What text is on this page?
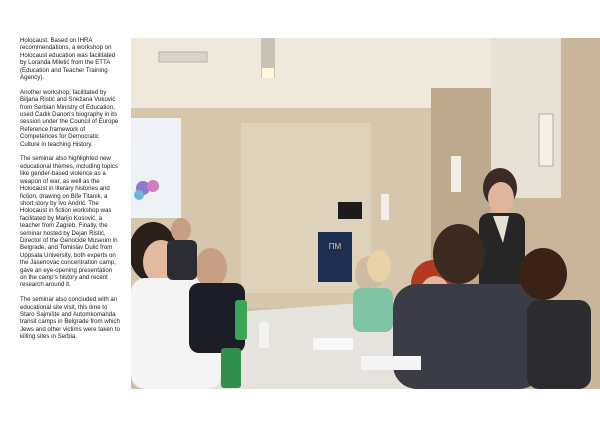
Holocaust. Based on IHRA recommendations, a workshop on Holocaust education was facilitated by Loranda Miletić from the ETTA (Education and Teacher Training Agency).

Another workshop, facilitated by Biljana Ristić and Snežana Vuković from Serbian Ministry of Education, used Cadik Danon's biography in its session under the Council of Europe Reference framework of Competences for Democratic Culture in teaching History.

The seminar also highlighted new educational themes, including topics like gender-based violence as a weapon of war, as well as the Holocaust in literary histories and fiction, drawing on Bife Titanik, a short story by Ivo Andrić. The Holocaust in fiction workshop was facilitated by Marijo Kosović, a teacher from Zagreb. Finally, the seminar hosted by Dejan Ristić, Director of the Genocide Museum in Belgrade, and Tomislav Dulić from Uppsala University, both experts on the Jasenovac concentration camp, gave an eye-opening presentation on the camp's history and recent research around it.

The seminar also concluded with an educational site visit, this time to Staro Sajmište and Automkomanda transit camps in Belgrade from which Jews and other victims were taken to killing sites in Serbia.

ПМ
